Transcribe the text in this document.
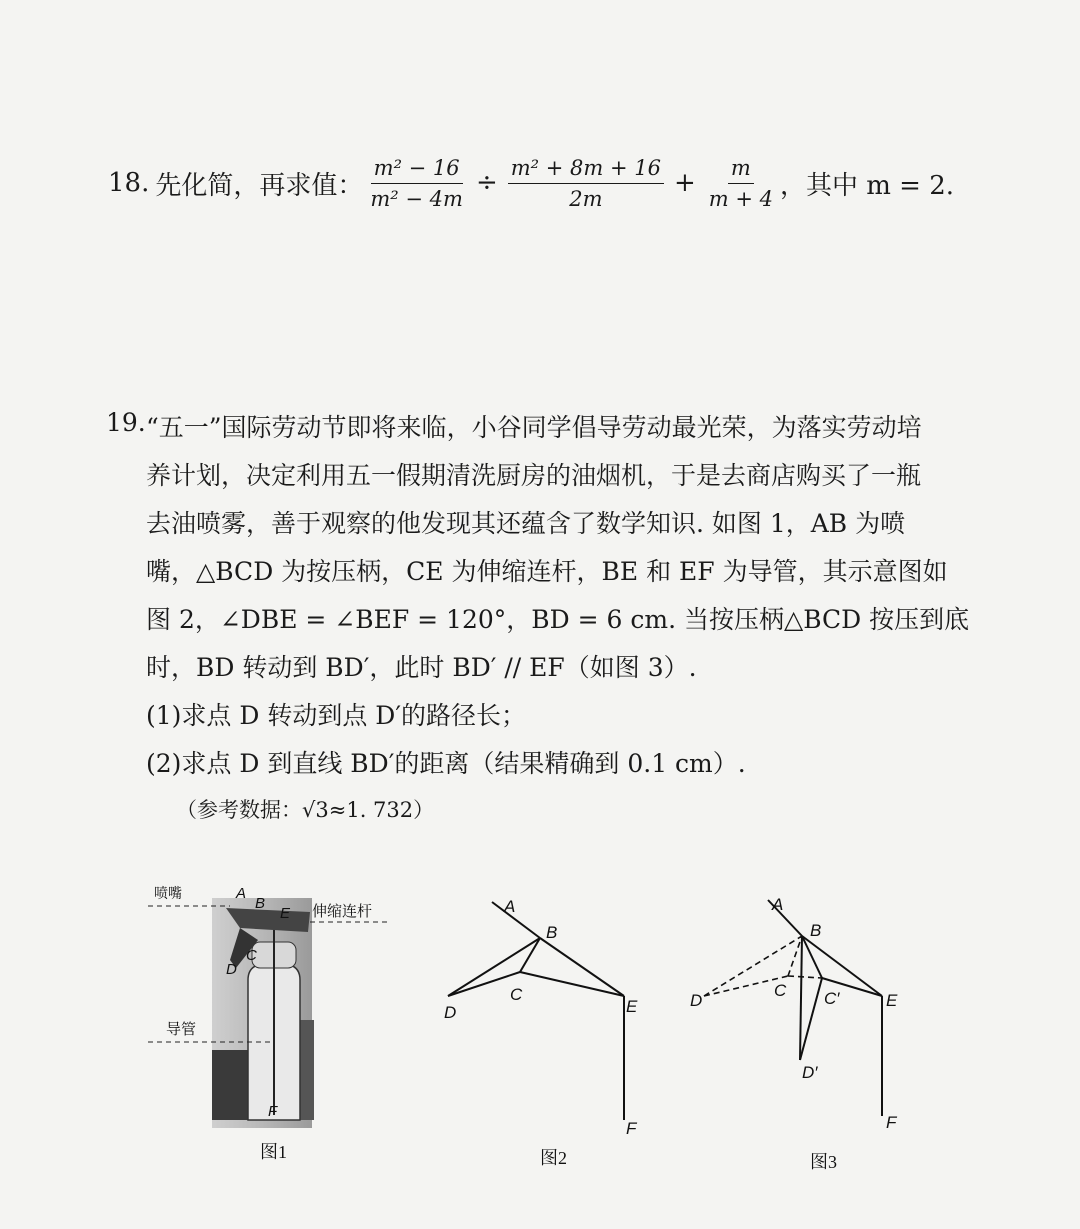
18. 先化简，再求值： $\frac{\text{m² − 16}}{\text{m² − 4m}} \div \frac{\text{m² + 8m + 16}}{2m} + \frac{m}{m + 4}$ ，其中 m = 2.
19. “五一”国际劳动节即将来临，小谷同学倡导劳动最光荣，为落实劳动培
养计划，决定利用五一假期清洗厨房的油烟机，于是去商店购买了一瓶
去油喷雾，善于观察的他发现其还蕴含了数学知识. 如图 1，AB 为喷
嘴，△BCD 为按压柄，CE 为伸缩连杆，BE 和 EF 为导管，其示意图如
图 2，∠DBE = ∠BEF = 120°，BD = 6 cm. 当按压柄△BCD 按压到底
时，BD 转动到 BD′，此时 BD′ // EF（如图 3）.
(1)求点 D 转动到点 D′的路径长；
(2)求点 D 到直线 BD′的距离（结果精确到 0.1 cm）.
（参考数据：√3≈1. 732）
喷嘴
伸缩连杆
导管
A
B
E
C
D
F
图1
A
B
C
D	E
F
图2
A
B
C C′
D
D′
E
F
图3
